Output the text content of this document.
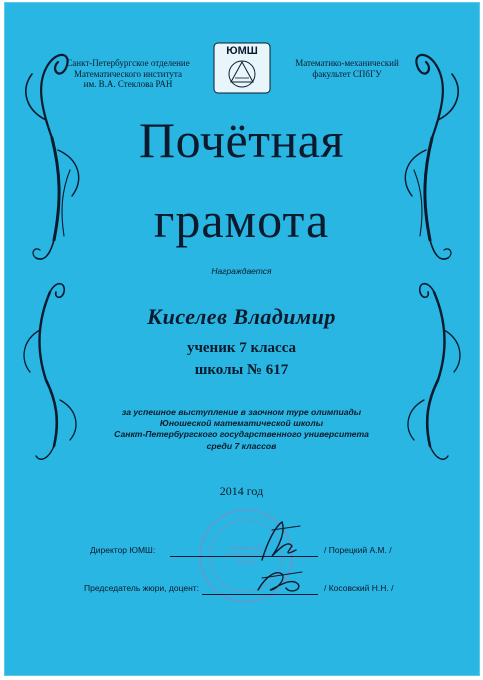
Санкт-Петербургское отделение
Математического института
им. В.А. Стеклова РАН
ЮМШ
Математико-механический
факультет СПбГУ
Почётная
грамота
Награждается
Киселев Владимир
ученик 7 класса
школы № 617
за успешное выступление в заочном туре олимпиады
Юношеской математической школы
Санкт-Петербургского государственного университета
среди 7 классов
2014 год
Юношеская математическая школа
Директор ЮМШ:	/ Порецкий А.М. /
Председатель жюри, доцент:	/ Косовский Н.Н. /
